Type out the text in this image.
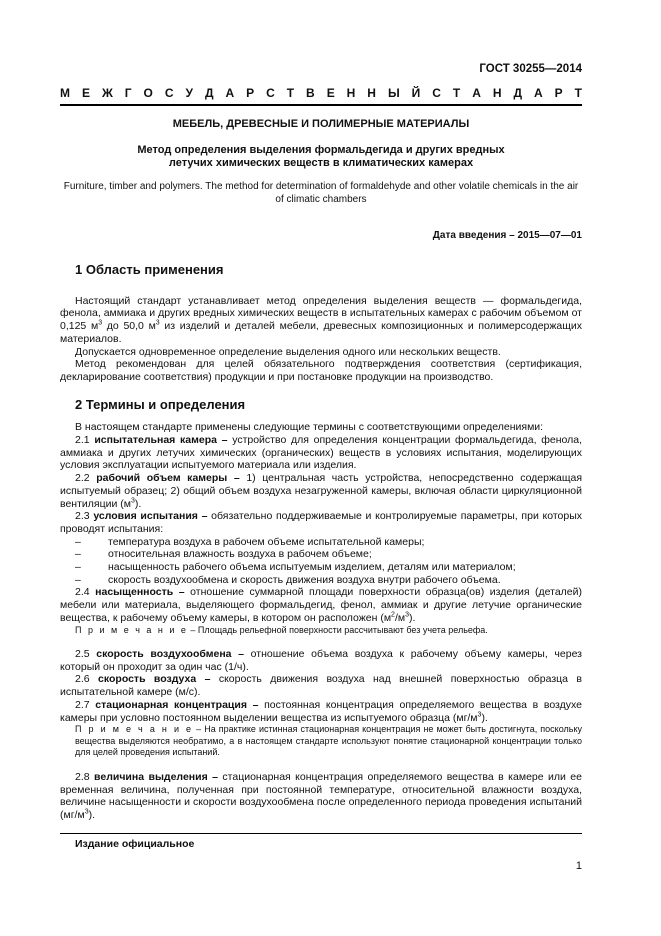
ГОСТ 30255—2014
М Е Ж Г О С У Д А Р С Т В Е Н Н Ы Й С Т А Н Д А Р Т
МЕБЕЛЬ, ДРЕВЕСНЫЕ И ПОЛИМЕРНЫЕ МАТЕРИАЛЫ
Метод определения выделения формальдегида и других вредных
летучих химических веществ в климатических камерах
Furniture, timber and polymers. The method for determination of formaldehyde and other volatile chemicals in the air of climatic chambers
Дата введения – 2015—07—01
1 Область применения

Настоящий стандарт устанавливает метод определения выделения веществ — формальдегида, фенола, аммиака и других вредных химических веществ в испытательных камерах с рабочим объемом от 0,125 $м^3$ до 50,0 $м^3$ из изделий и деталей мебели, древесных композиционных и полимерсодержащих материалов.

Допускается одновременное определение выделения одного или нескольких веществ.

Метод рекомендован для целей обязательного подтверждения соответствия (сертификация, декларирование соответствия) продукции и при постановке продукции на производство.

2 Термины и определения

В настоящем стандарте применены следующие термины с соответствующими определениями:

2.1 испытательная камера – устройство для определения концентрации формальдегида, фенола, аммиака и других летучих химических (органических) веществ в условиях испытания, моделирующих условия эксплуатации испытуемого материала или изделия.

2.2 рабочий объем камеры – 1) центральная часть устройства, непосредственно содержащая испытуемый образец; 2) общий объем воздуха незагруженной камеры, включая области циркуляционной вентиляции $(м^3)$.

2.3 условия испытания – обязательно поддерживаемые и контролируемые параметры, при которых проводят испытания:

–	температура воздуха в рабочем объеме испытательной камеры;
–	относительная влажность воздуха в рабочем объеме;
–	насыщенность рабочего объема испытуемым изделием, деталям или материалом;
–	скорость воздухообмена и скорость движения воздуха внутри рабочего объема.

2.4 насыщенность – отношение суммарной площади поверхности образца(ов) изделия (деталей) мебели или материала, выделяющего формальдегид, фенол, аммиак и другие летучие органические вещества, к рабочему объему камеры, в котором он расположен $(м^2/м^3)$.

П р и м е ч а н и е – Площадь рельефной поверхности рассчитывают без учета рельефа.

2.5 скорость воздухообмена – отношение объема воздуха к рабочему объему камеры, через который он проходит за один час (1/ч).

2.6 скорость воздуха – скорость движения воздуха над внешней поверхностью образца в испытательной камере (м/с).

2.7 стационарная концентрация – постоянная концентрация определяемого вещества в воздухе камеры при условно постоянном выделении вещества из испытуемого образца $(мг/м^3)$.

П р и м е ч а н и е – На практике истинная стационарная концентрация не может быть достигнута, поскольку вещества выделяются необратимо, а в настоящем стандарте используют понятие стационарной концентрации только для целей проведения испытаний.

2.8 величина выделения – стационарная концентрация определяемого вещества в камере или ее временная величина, полученная при постоянной температуре, относительной влажности воздуха, величине насыщенности и скорости воздухообмена после определенного периода проведения испытаний $(мг/м^3)$.

Издание официальное
1
